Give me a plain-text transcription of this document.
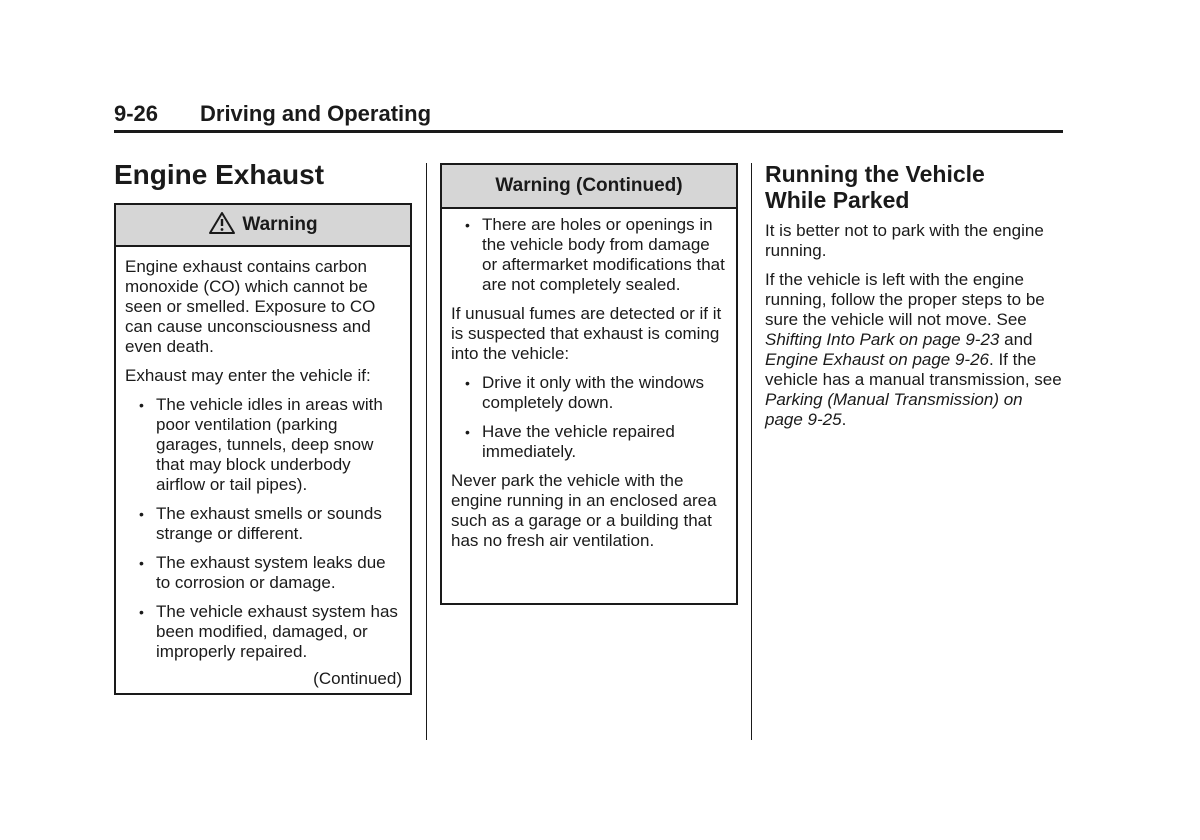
9-26 Driving and Operating
Engine Exhaust
Warning

Engine exhaust contains carbon monoxide (CO) which cannot be seen or smelled. Exposure to CO can cause unconsciousness and even death.

Exhaust may enter the vehicle if:

• The vehicle idles in areas with poor ventilation (parking garages, tunnels, deep snow that may block underbody airflow or tail pipes).
• The exhaust smells or sounds strange or different.
• The exhaust system leaks due to corrosion or damage.
• The vehicle exhaust system has been modified, damaged, or improperly repaired.
(Continued)
Warning (Continued)
• There are holes or openings in the vehicle body from damage or aftermarket modifications that are not completely sealed.

If unusual fumes are detected or if it is suspected that exhaust is coming into the vehicle:

• Drive it only with the windows completely down.
• Have the vehicle repaired immediately.

Never park the vehicle with the engine running in an enclosed area such as a garage or a building that has no fresh air ventilation.

Running the Vehicle
While Parked

It is better not to park with the engine running.

If the vehicle is left with the engine running, follow the proper steps to be sure the vehicle will not move. See Shifting Into Park on page 9-23 and Engine Exhaust on page 9-26. If the vehicle has a manual transmission, see Parking (Manual Transmission) on page 9-25.
